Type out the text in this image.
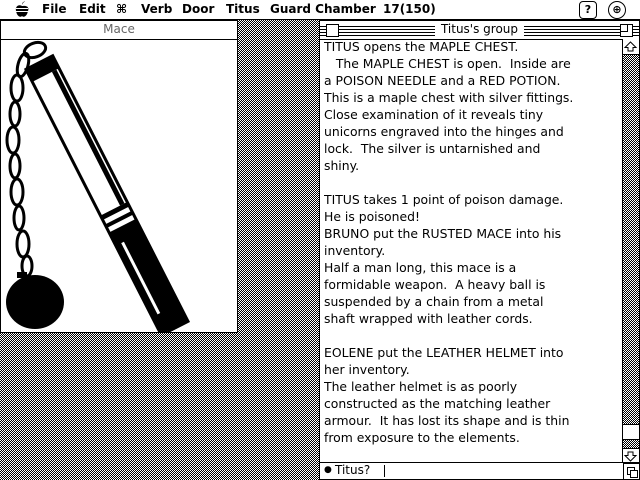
File Edit ⌘ Verb Door Titus Guard Chamber 17(150)	?	⊕
Mace	Titus's group

TITUS opens the MAPLE CHEST.

The MAPLE CHEST is open.  Inside are

a POISON NEEDLE and a RED POTION.

This is a maple chest with silver fittings.

Close examination of it reveals tiny

unicorns engraved into the hinges and

lock.  The silver is untarnished and

shiny.

TITUS takes 1 point of poison damage.

He is poisoned!

BRUNO put the RUSTED MACE into his

inventory.

Half a man long, this mace is a

formidable weapon.  A heavy ball is

suspended by a chain from a metal

shaft wrapped with leather cords.

EOLENE put the LEATHER HELMET into

her inventory.

The leather helmet is as poorly

constructed as the matching leather

armour.  It has lost its shape and is thin

from exposure to the elements.

● Titus?
